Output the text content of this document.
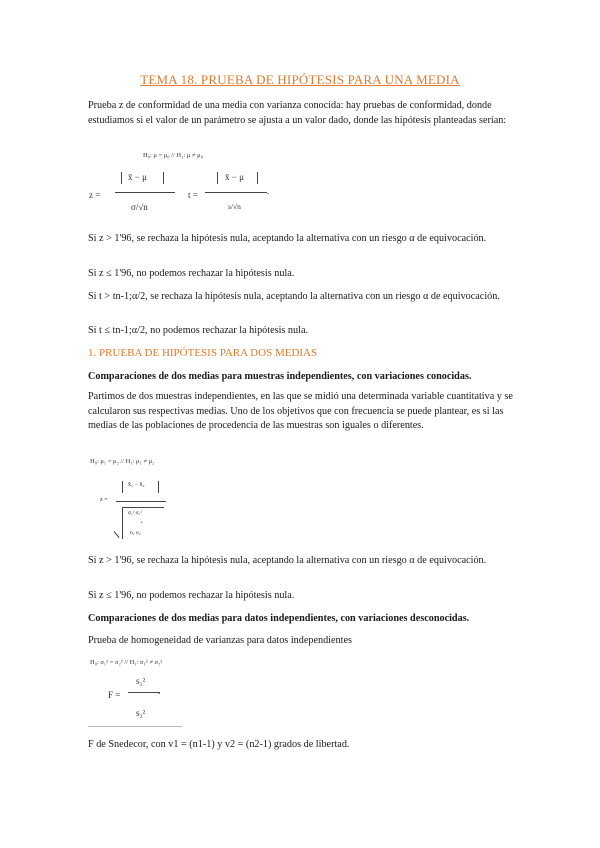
TEMA 18. PRUEBA DE HIPÓTESIS PARA UNA MEDIA
Prueba z de conformidad de una media con varianza conocida: hay pruebas de conformidad, donde estudiamos si el valor de un parámetro se ajusta a un valor dado, donde las hipótesis planteadas serían:
H₀: μ = μ₀ // H₁: μ ≠ μ₀
z =
x̄ − μ
σ/√n
t =
x̄ − μ
s/√n
.
Si z > 1'96, se rechaza la hipótesis nula, aceptando la alternativa con un riesgo α de equivocación.
Si z ≤ 1'96, no podemos rechazar la hipótesis nula.
Si t > tn-1;α/2, se rechaza la hipótesis nula, aceptando la alternativa con un riesgo α de equivocación.
Si t ≤ tn-1;α/2, no podemos rechazar la hipótesis nula.
1. PRUEBA DE HIPÓTESIS PARA DOS MEDIAS
Comparaciones de dos medias para muestras independientes, con variaciones conocidas.
Partimos de dos muestras independientes, en las que se midió una determinada variable cuantitativa y se calcularon sus respectivas medias. Uno de los objetivos que con frecuencia se puede plantear, es si las medias de las poblaciones de procedencia de las muestras son iguales o diferentes.
H₀: μ₁ = μ₂ // H₁: μ₁ ≠ μ₂
z =
x̄₁ − x̄₂
σ₁² σ₂²
+
n₁ n₂
Si z > 1'96, se rechaza la hipótesis nula, aceptando la alternativa con un riesgo α de equivocación.
Si z ≤ 1'96, no podemos rechazar la hipótesis nula.
Comparaciones de dos medias para datos independientes, con variaciones desconocidas.
Prueba de homogeneidad de varianzas para datos independientes
H₀: σ₁² = σ₂² // H₁: σ₁² ≠ σ₂²
F =
s₁²
.
s₂²
F de Snedecor, con v1 = (n1-1) y v2 = (n2-1) grados de libertad.
